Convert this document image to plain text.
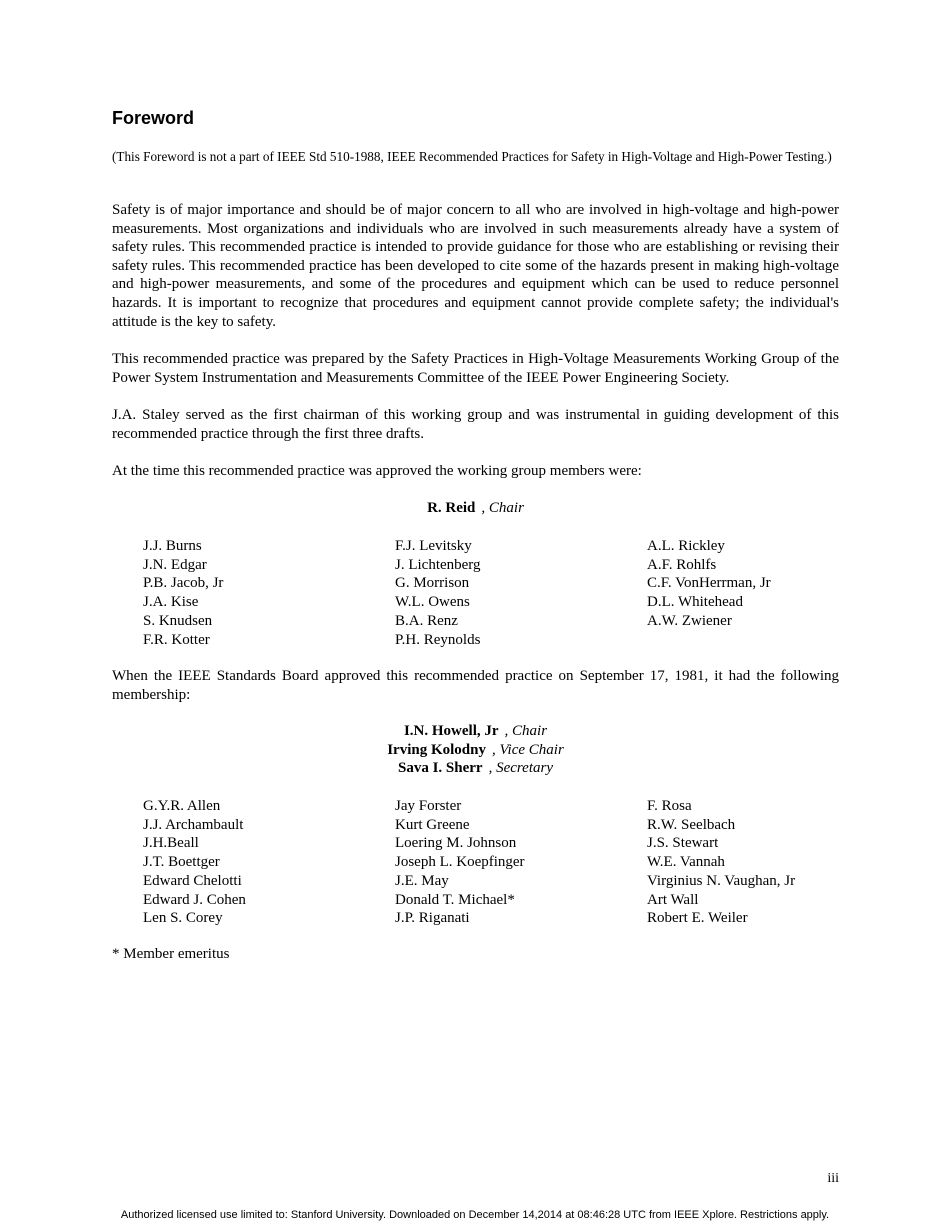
Foreword
(This Foreword is not a part of IEEE Std 510-1988, IEEE Recommended Practices for Safety in High-Voltage and High-Power Testing.)
Safety is of major importance and should be of major concern to all who are involved in high-voltage and high-power measurements. Most organizations and individuals who are involved in such measurements already have a system of safety rules. This recommended practice is intended to provide guidance for those who are establishing or revising their safety rules. This recommended practice has been developed to cite some of the hazards present in making high-voltage and high-power measurements, and some of the procedures and equipment which can be used to reduce personnel hazards. It is important to recognize that procedures and equipment cannot provide complete safety; the individual's attitude is the key to safety.
This recommended practice was prepared by the Safety Practices in High-Voltage Measurements Working Group of the Power System Instrumentation and Measurements Committee of the IEEE Power Engineering Society.
J.A. Staley served as the first chairman of this working group and was instrumental in guiding development of this recommended practice through the first three drafts.
At the time this recommended practice was approved the working group members were:
R. Reid , Chair
J.J. Burns
J.N. Edgar
P.B. Jacob, Jr
J.A. Kise
S. Knudsen
F.R. Kotter
F.J. Levitsky
J. Lichtenberg
G. Morrison
W.L. Owens
B.A. Renz
P.H. Reynolds
A.L. Rickley
A.F. Rohlfs
C.F. VonHerrman, Jr
D.L. Whitehead
A.W. Zwiener
When the IEEE Standards Board approved this recommended practice on September 17, 1981, it had the following membership:
I.N. Howell, Jr , Chair
Irving Kolodny , Vice Chair
Sava I. Sherr , Secretary
G.Y.R. Allen
J.J. Archambault
J.H.Beall
J.T. Boettger
Edward Chelotti
Edward J. Cohen
Len S. Corey
Jay Forster
Kurt Greene
Loering M. Johnson
Joseph L. Koepfinger
J.E. May
Donald T. Michael*
J.P. Riganati
F. Rosa
R.W. Seelbach
J.S. Stewart
W.E. Vannah
Virginius N. Vaughan, Jr
Art Wall
Robert E. Weiler
* Member emeritus
iii
Authorized licensed use limited to: Stanford University. Downloaded on December 14,2014 at 08:46:28 UTC from IEEE Xplore. Restrictions apply.
